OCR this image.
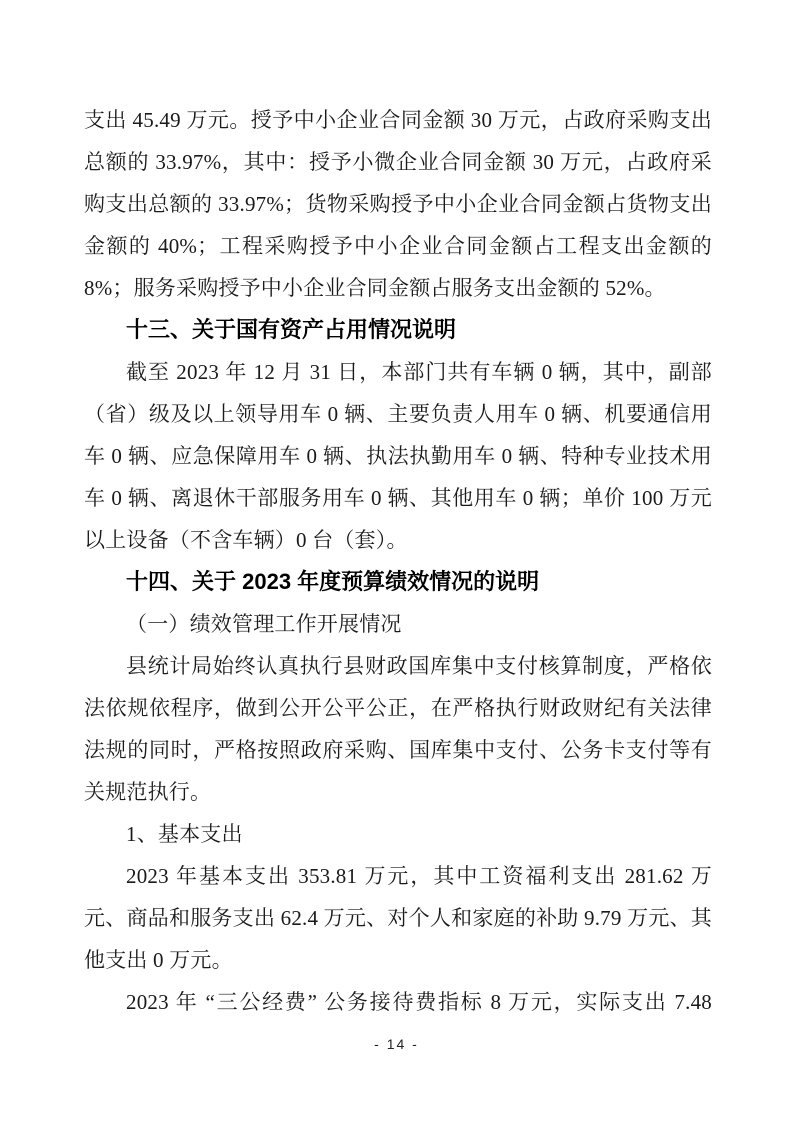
支出 45.49 万元。授予中小企业合同金额 30 万元，占政府采购支出总额的 33.97%，其中：授予小微企业合同金额 30 万元，占政府采购支出总额的 33.97%；货物采购授予中小企业合同金额占货物支出金额的 40%；工程采购授予中小企业合同金额占工程支出金额的 8%；服务采购授予中小企业合同金额占服务支出金额的 52%。

十三、关于国有资产占用情况说明

截至 2023 年 12 月 31 日，本部门共有车辆 0 辆，其中，副部（省）级及以上领导用车 0 辆、主要负责人用车 0 辆、机要通信用车 0 辆、应急保障用车 0 辆、执法执勤用车 0 辆、特种专业技术用车 0 辆、离退休干部服务用车 0 辆、其他用车 0 辆；单价 100 万元以上设备（不含车辆）0 台（套）。

十四、关于 2023 年度预算绩效情况的说明

（一）绩效管理工作开展情况

县统计局始终认真执行县财政国库集中支付核算制度，严格依法依规依程序，做到公开公平公正，在严格执行财政财纪有关法律法规的同时，严格按照政府采购、国库集中支付、公务卡支付等有关规范执行。

1、基本支出

2023 年基本支出 353.81 万元，其中工资福利支出 281.62 万元、商品和服务支出 62.4 万元、对个人和家庭的补助 9.79 万元、其他支出 0 万元。

2023 年 “三公经费” 公务接待费指标 8 万元，实际支出 7.48

- 14 -
